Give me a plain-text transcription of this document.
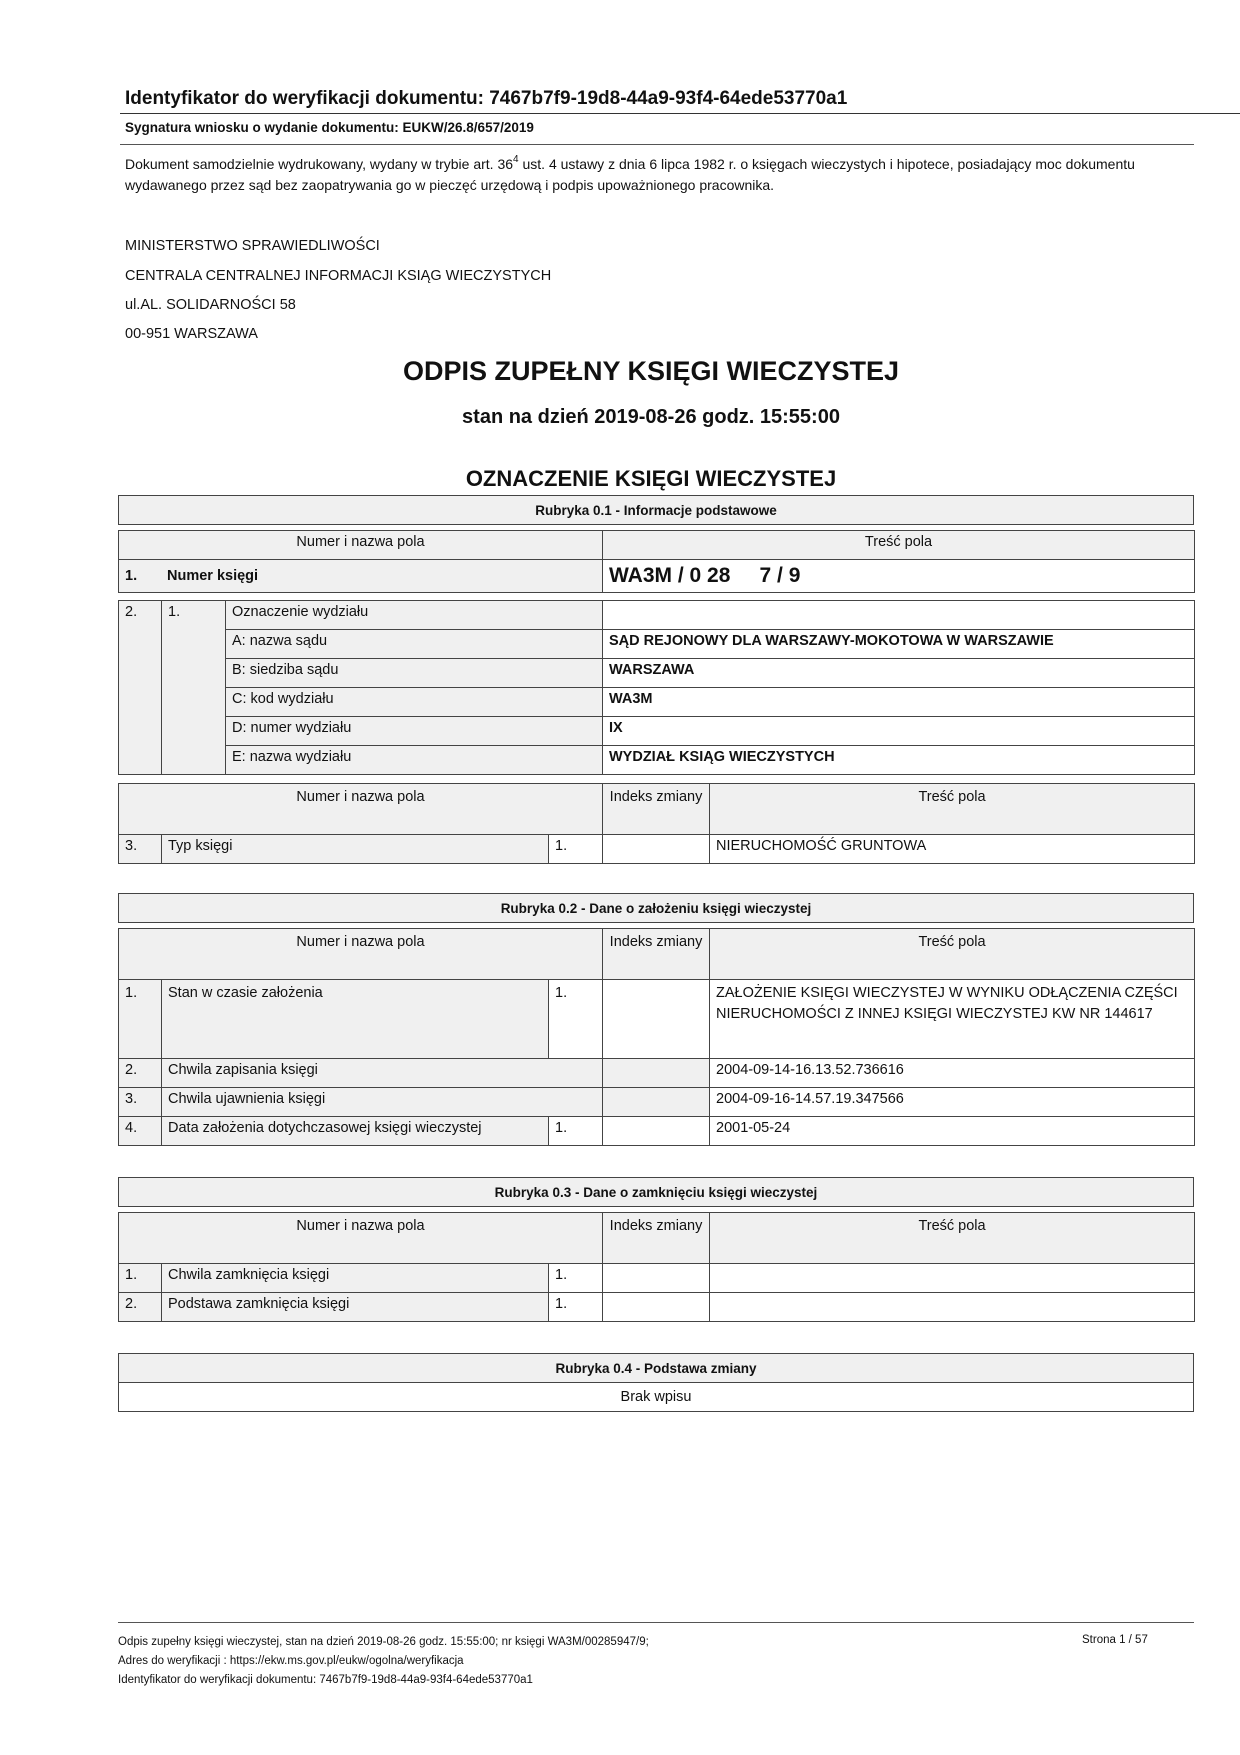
Identyfikator do weryfikacji dokumentu: 7467b7f9-19d8-44a9-93f4-64ede53770a1
Sygnatura wniosku o wydanie dokumentu: EUKW/26.8/657/2019
Dokument samodzielnie wydrukowany, wydany w trybie art. $36^4$ ust. 4 ustawy z dnia 6 lipca 1982 r. o księgach wieczystych i hipotece, posiadający moc dokumentu wydawanego przez sąd bez zaopatrywania go w pieczęć urzędową i podpis upoważnionego pracownika.
MINISTERSTWO SPRAWIEDLIWOŚCI
CENTRALA CENTRALNEJ INFORMACJI KSIĄG WIECZYSTYCH
ul.AL. SOLIDARNOŚCI 58
00-951 WARSZAWA
ODPIS ZUPEŁNY KSIĘGI WIECZYSTEJ
stan na dzień 2019-08-26 godz. 15:55:00
OZNACZENIE KSIĘGI WIECZYSTEJ
Rubryka 0.1 - Informacje podstawowe
Numer i nazwa pola	Treść pola
1. Numer księgi	WA3M / 0 28     7 / 9
2.	1.	Oznaczenie wydziału	
		A: nazwa sądu	SĄD REJONOWY DLA WARSZAWY-MOKOTOWA W WARSZAWIE
		B: siedziba sądu	WARSZAWA
		C: kod wydziału	WA3M
		D: numer wydziału	IX
		E: nazwa wydziału	WYDZIAŁ KSIĄG WIECZYSTYCH
Numer i nazwa pola			Indeks zmiany	Treść pola
3.	Typ księgi	1.		NIERUCHOMOŚĆ GRUNTOWA
Rubryka 0.2 - Dane o założeniu księgi wieczystej
Numer i nazwa pola			Indeks zmiany	Treść pola
1.	Stan w czasie założenia	1.		ZAŁOŻENIE KSIĘGI WIECZYSTEJ W WYNIKU ODŁĄCZENIA CZĘŚCI NIERUCHOMOŚCI Z INNEJ KSIĘGI WIECZYSTEJ KW NR 144617
2.	Chwila zapisania księgi			2004-09-14-16.13.52.736616
3.	Chwila ujawnienia księgi			2004-09-16-14.57.19.347566
4.	Data założenia dotychczasowej księgi wieczystej	1.		2001-05-24
Rubryka 0.3 - Dane o zamknięciu księgi wieczystej
Numer i nazwa pola			Indeks zmiany	Treść pola
1.	Chwila zamknięcia księgi	1.		
2.	Podstawa zamknięcia księgi	1.		
Rubryka 0.4 - Podstawa zmiany
Brak wpisu
Odpis zupełny księgi wieczystej, stan na dzień 2019-08-26 godz. 15:55:00; nr księgi WA3M/00285947/9;
Adres do weryfikacji : https://ekw.ms.gov.pl/eukw/ogolna/weryfikacja
Identyfikator do weryfikacji dokumentu: 7467b7f9-19d8-44a9-93f4-64ede53770a1
Strona 1 / 57
